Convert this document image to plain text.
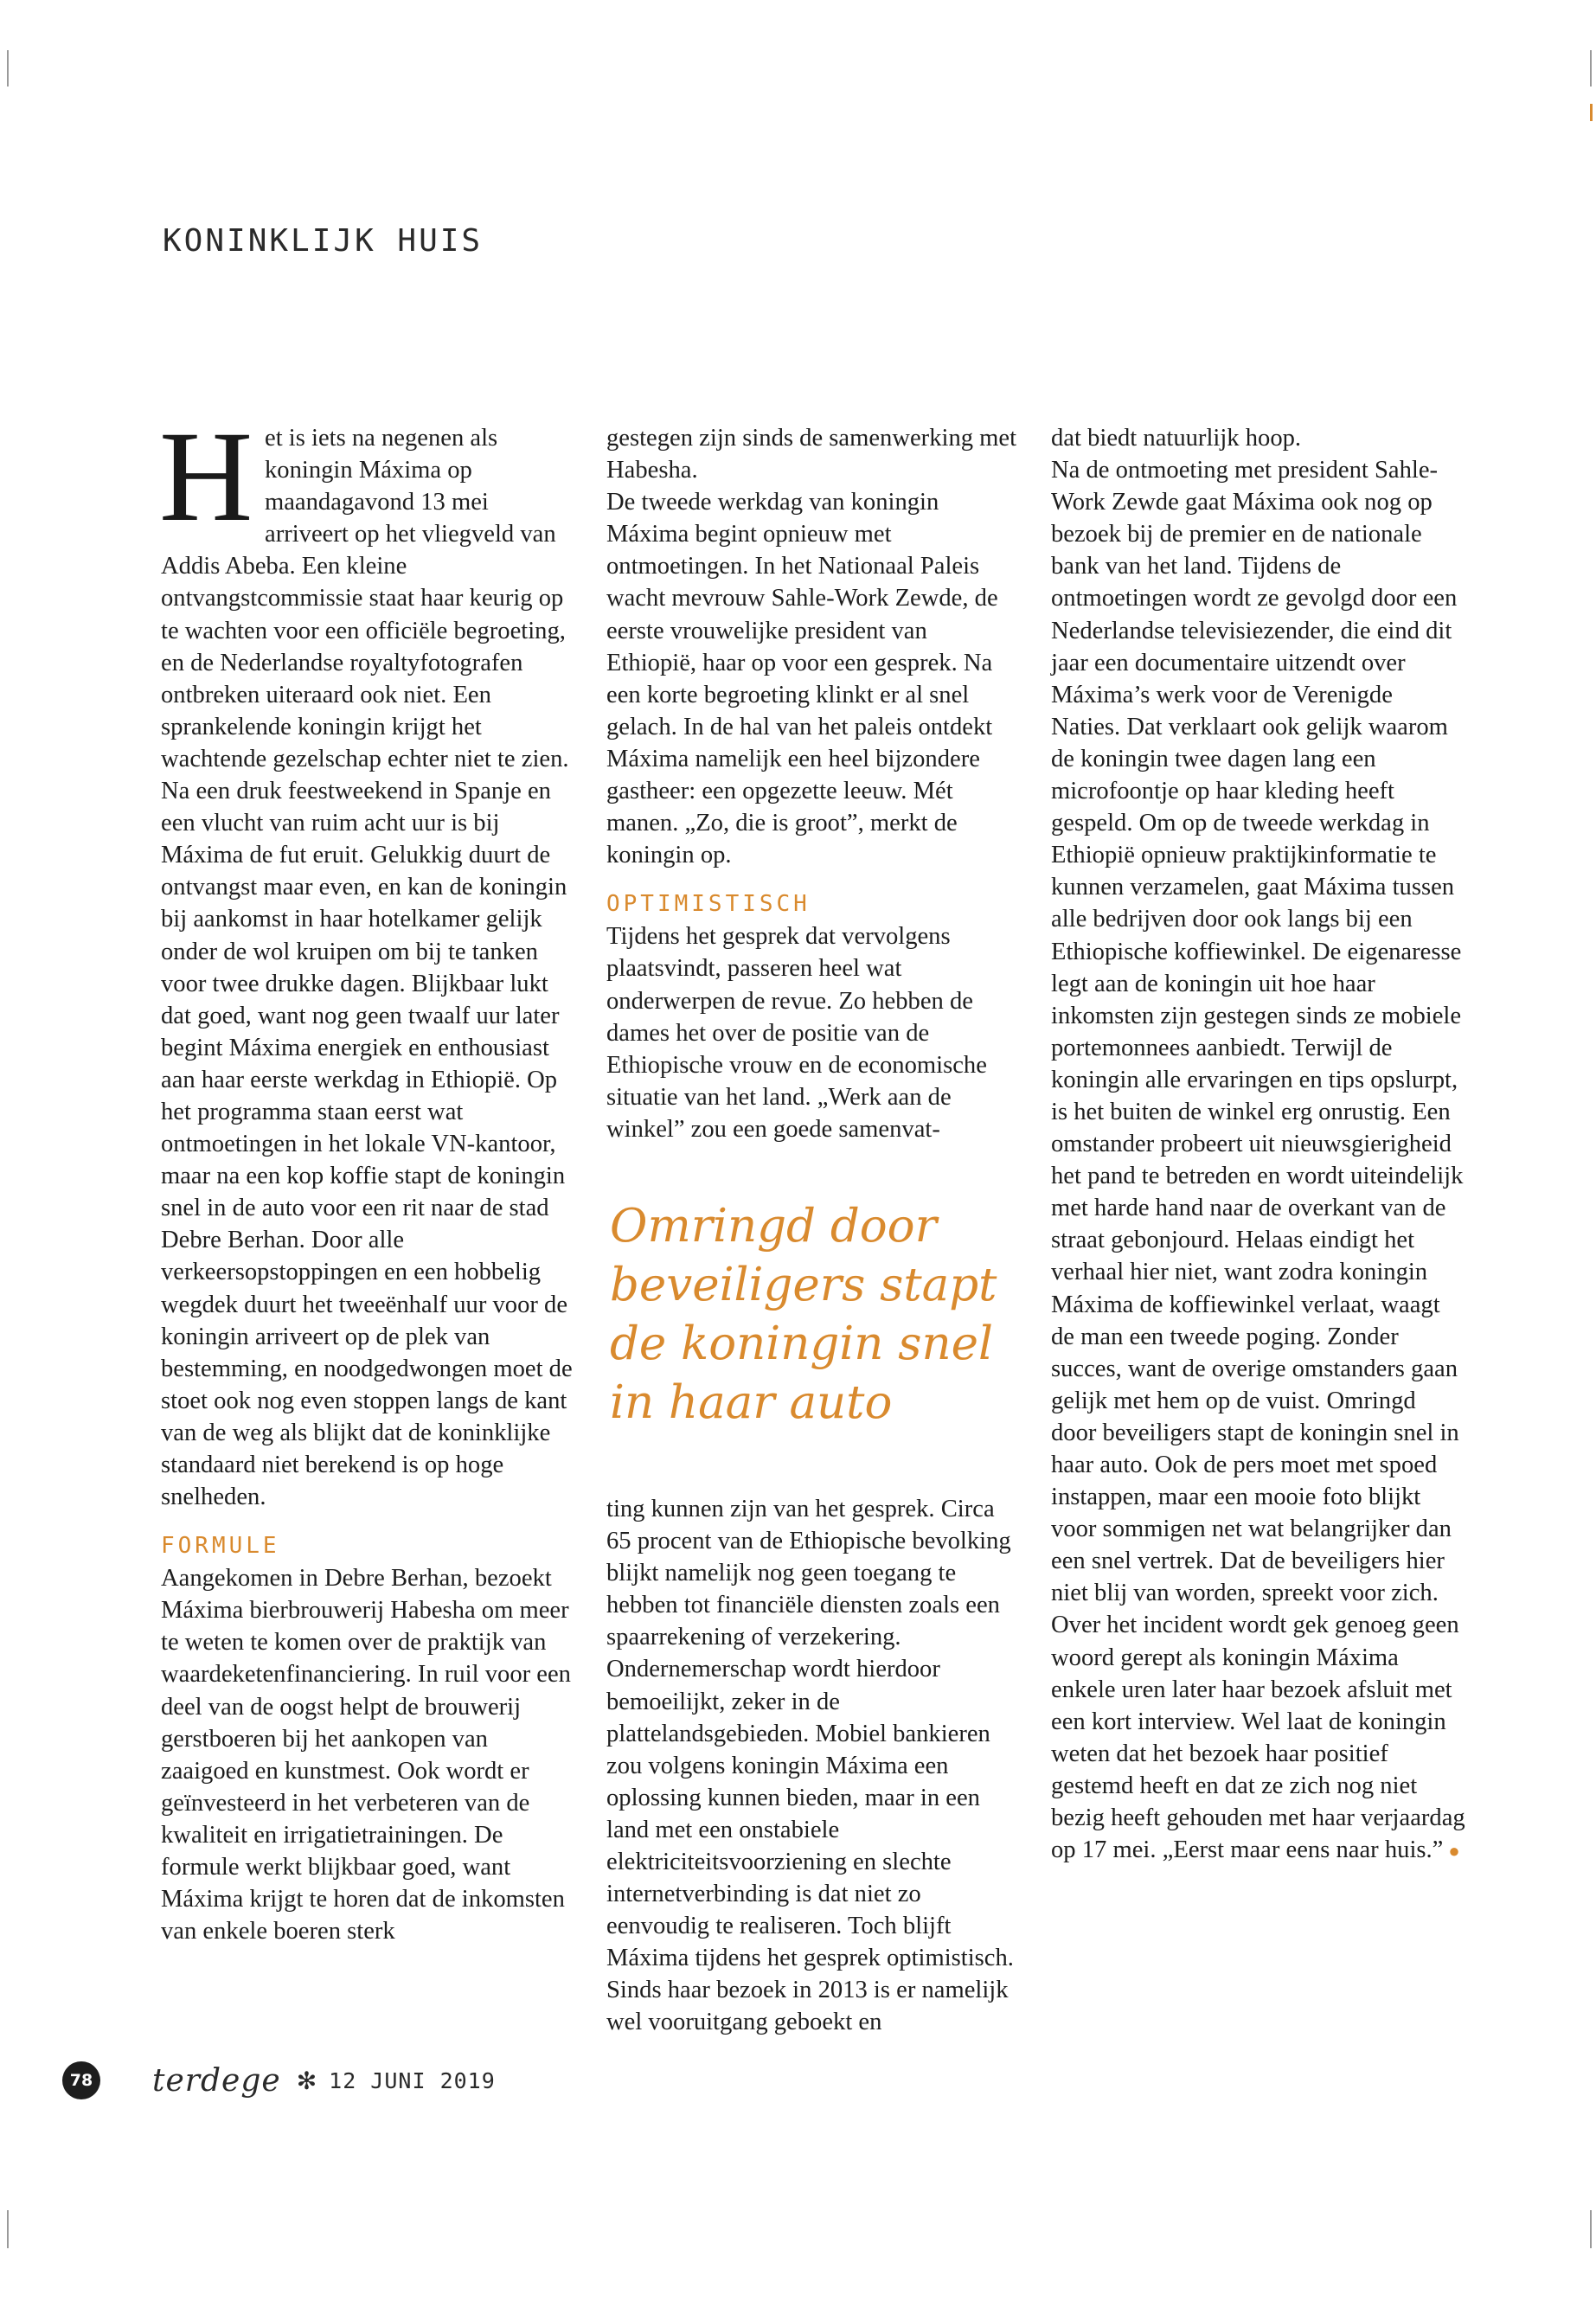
KONINKLIJK HUIS

H et is iets na negenen als koningin Máxima op maandagavond 13 mei arriveert op het vliegveld van Addis Abeba. Een kleine ontvangstcommissie staat haar keurig op te wachten voor een officiële begroeting, en de Nederlandse royaltyfotografen ontbreken uiteraard ook niet. Een sprankelende koningin krijgt het wachtende gezelschap echter niet te zien. Na een druk feestweekend in Spanje en een vlucht van ruim acht uur is bij Máxima de fut eruit. Gelukkig duurt de ontvangst maar even, en kan de koningin bij aankomst in haar hotelkamer gelijk onder de wol kruipen om bij te tanken voor twee drukke dagen. Blijkbaar lukt dat goed, want nog geen twaalf uur later begint Máxima energiek en enthousiast aan haar eerste werkdag in Ethiopië. Op het programma staan eerst wat ontmoetingen in het lokale VN-kantoor, maar na een kop koffie stapt de koningin snel in de auto voor een rit naar de stad Debre Berhan. Door alle verkeersopstoppingen en een hobbelig wegdek duurt het tweeënhalf uur voor de koningin arriveert op de plek van bestemming, en noodgedwongen moet de stoet ook nog even stoppen langs de kant van de weg als blijkt dat de koninklijke standaard niet berekend is op hoge snelheden.

FORMULE

Aangekomen in Debre Berhan, bezoekt Máxima bierbrouwerij Habesha om meer te weten te komen over de praktijk van waardeketenfinanciering. In ruil voor een deel van de oogst helpt de brouwerij gerstboeren bij het aankopen van zaaigoed en kunstmest. Ook wordt er geïnvesteerd in het verbeteren van de kwaliteit en irrigatietrainingen. De formule werkt blijkbaar goed, want Máxima krijgt te horen dat de inkomsten van enkele boeren sterk

gestegen zijn sinds de samenwerking met Habesha.

De tweede werkdag van koningin Máxima begint opnieuw met ontmoetingen. In het Nationaal Paleis wacht mevrouw Sahle-Work Zewde, de eerste vrouwelijke president van Ethiopië, haar op voor een gesprek. Na een korte begroeting klinkt er al snel gelach. In de hal van het paleis ontdekt Máxima namelijk een heel bijzondere gastheer: een opgezette leeuw. Mét manen. „Zo, die is groot”, merkt de koningin op.

OPTIMISTISCH

Tijdens het gesprek dat vervolgens plaatsvindt, passeren heel wat onderwerpen de revue. Zo hebben de dames het over de positie van de Ethiopische vrouw en de economische situatie van het land. „Werk aan de winkel” zou een goede samenvat-

Omringd door beveiligers stapt de koningin snel in haar auto

ting kunnen zijn van het gesprek. Circa 65 procent van de Ethiopische bevolking blijkt namelijk nog geen toegang te hebben tot financiële diensten zoals een spaarrekening of verzekering. Ondernemerschap wordt hierdoor bemoeilijkt, zeker in de plattelandsgebieden. Mobiel bankieren zou volgens koningin Máxima een oplossing kunnen bieden, maar in een land met een onstabiele elektriciteitsvoorziening en slechte internetverbinding is dat niet zo eenvoudig te realiseren. Toch blijft Máxima tijdens het gesprek optimistisch. Sinds haar bezoek in 2013 is er namelijk wel vooruitgang geboekt en

dat biedt natuurlijk hoop.

Na de ontmoeting met president Sahle-Work Zewde gaat Máxima ook nog op bezoek bij de premier en de nationale bank van het land. Tijdens de ontmoetingen wordt ze gevolgd door een Nederlandse televisiezender, die eind dit jaar een documentaire uitzendt over Máxima’s werk voor de Verenigde Naties. Dat verklaart ook gelijk waarom de koningin twee dagen lang een microfoontje op haar kleding heeft gespeld. Om op de tweede werkdag in Ethiopië opnieuw praktijkinformatie te kunnen verzamelen, gaat Máxima tussen alle bedrijven door ook langs bij een Ethiopische koffiewinkel. De eigenaresse legt aan de koningin uit hoe haar inkomsten zijn gestegen sinds ze mobiele portemonnees aanbiedt. Terwijl de koningin alle ervaringen en tips opslurpt, is het buiten de winkel erg onrustig. Een omstander probeert uit nieuwsgierigheid het pand te betreden en wordt uiteindelijk met harde hand naar de overkant van de straat gebonjourd. Helaas eindigt het verhaal hier niet, want zodra koningin Máxima de koffiewinkel verlaat, waagt de man een tweede poging. Zonder succes, want de overige omstanders gaan gelijk met hem op de vuist. Omringd door beveiligers stapt de koningin snel in haar auto. Ook de pers moet met spoed instappen, maar een mooie foto blijkt voor sommigen net wat belangrijker dan een snel vertrek. Dat de beveiligers hier niet blij van worden, spreekt voor zich.

Over het incident wordt gek genoeg geen woord gerept als koningin Máxima enkele uren later haar bezoek afsluit met een kort interview. Wel laat de koningin weten dat het bezoek haar positief gestemd heeft en dat ze zich nog niet bezig heeft gehouden met haar verjaardag op 17 mei. „Eerst maar eens naar huis.” ●

78 terdege ✻ 12 JUNI 2019
